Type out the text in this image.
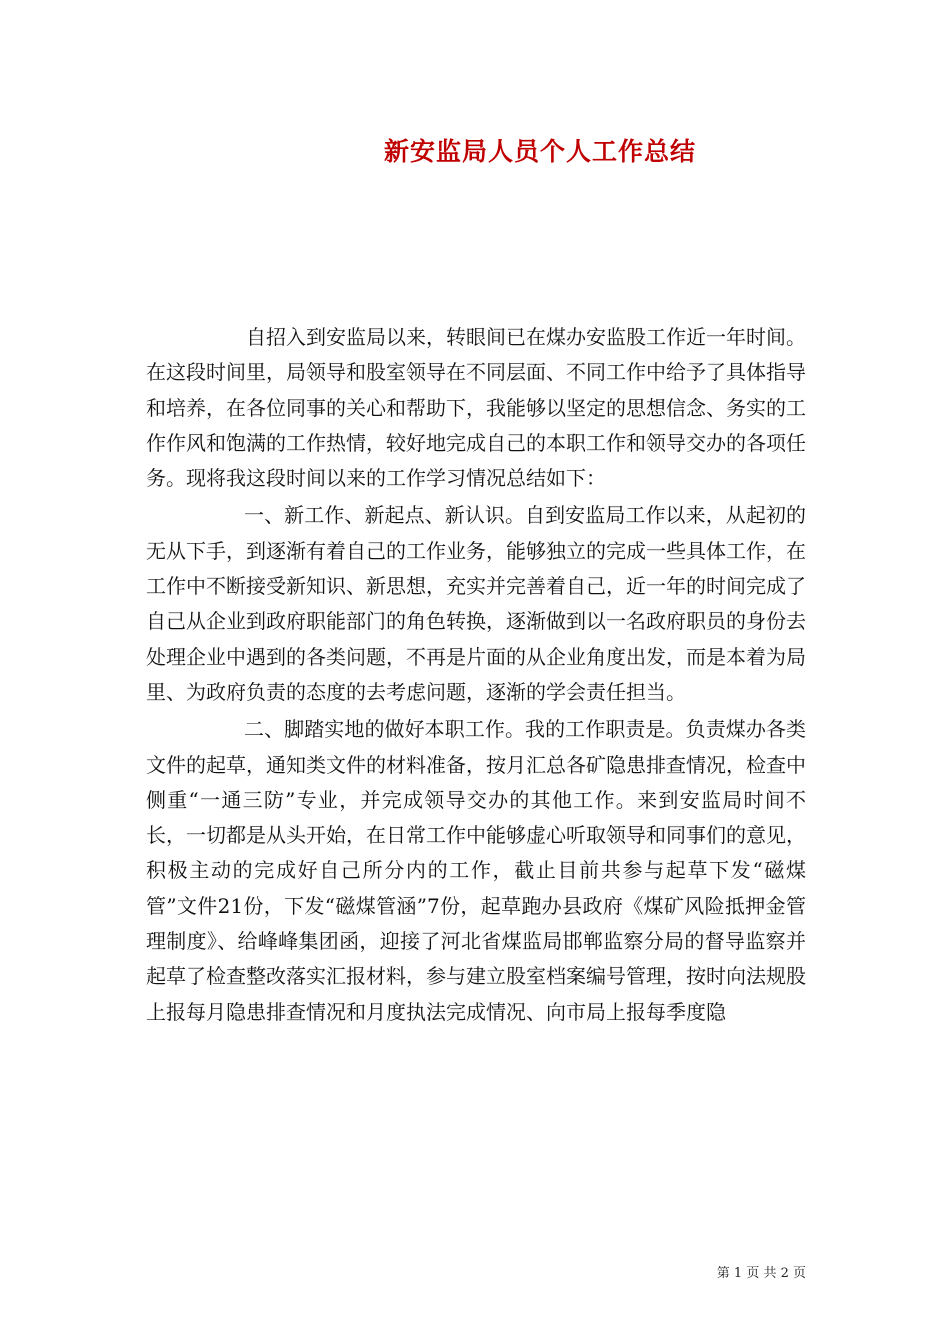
新安监局人员个人工作总结

自招入到安监局以来，转眼间已在煤办安监股工作近一年时间。在这段时间里，局领导和股室领导在不同层面、不同工作中给予了具体指导和培养，在各位同事的关心和帮助下，我能够以坚定的思想信念、务实的工作作风和饱满的工作热情，较好地完成自己的本职工作和领导交办的各项任务。现将我这段时间以来的工作学习情况总结如下：

一、新工作、新起点、新认识。自到安监局工作以来，从起初的无从下手，到逐渐有着自己的工作业务，能够独立的完成一些具体工作，在工作中不断接受新知识、新思想，充实并完善着自己，近一年的时间完成了自己从企业到政府职能部门的角色转换，逐渐做到以一名政府职员的身份去处理企业中遇到的各类问题，不再是片面的从企业角度出发，而是本着为局里、为政府负责的态度的去考虑问题，逐渐的学会责任担当。

二、脚踏实地的做好本职工作。我的工作职责是。负责煤办各类文件的起草，通知类文件的材料准备，按月汇总各矿隐患排查情况，检查中侧重“一通三防”专业，并完成领导交办的其他工作。来到安监局时间不长，一切都是从头开始，在日常工作中能够虚心听取领导和同事们的意见，积极主动的完成好自己所分内的工作，截止目前共参与起草下发“磁煤管”文件21份，下发“磁煤管涵”7份，起草跑办县政府《煤矿风险抵押金管理制度》、给峰峰集团函，迎接了河北省煤监局邯郸监察分局的督导监察并起草了检查整改落实汇报材料，参与建立股室档案编号管理，按时向法规股上报每月隐患排查情况和月度执法完成情况、向市局上报每季度隐

第 1 页 共 2 页
